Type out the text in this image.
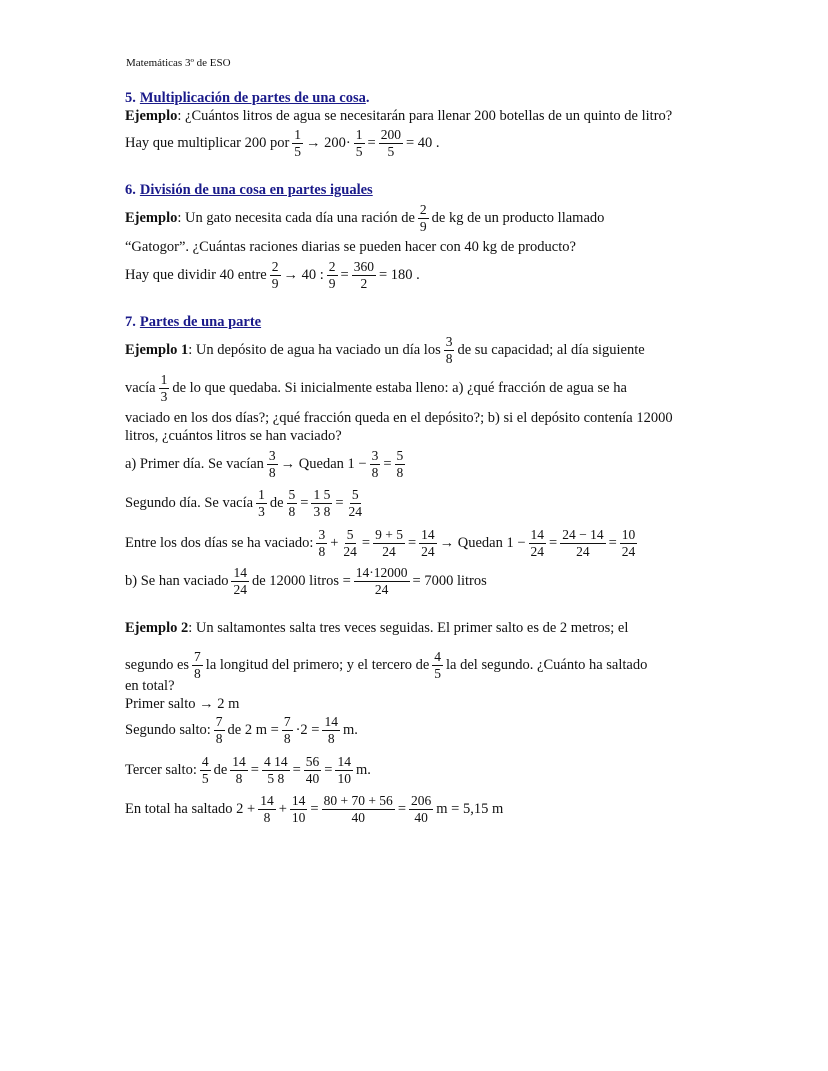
Matemáticas 3º de ESO
5. Multiplicación de partes de una cosa .
Ejemplo : ¿Cuántos litros de agua se necesitarán para llenar 200 botellas de un quinto de litro?
Hay que multiplicar 200 por $\frac{1}{5} \to 200\cdot \frac{1}{5} = \frac{200}{5} = 40$ .
6. División de una cosa en partes iguales
Ejemplo : Un gato necesita cada día una ración de $\frac{2}{9}$ de kg de un producto llamado
“Gatogor”. ¿Cuántas raciones diarias se pueden hacer con 40 kg de producto?
Hay que dividir 40 entre $\frac{2}{9} \to 40$ : $\frac{2}{9} = \frac{360}{2} = 180$ .
7. Partes de una parte
Ejemplo 1 : Un depósito de agua ha vaciado un día los $\frac{3}{8}$ de su capacidad; al día siguiente
vacía $\frac{1}{3}$ de lo que quedaba. Si inicialmente estaba lleno: a) ¿qué fracción de agua se ha
vaciado en los dos días?; ¿qué fracción queda en el depósito?; b) si el depósito contenía 12000
litros, ¿cuántos litros se han vaciado?
a) Primer día. Se vacían $\frac{3}{8}$ → Quedan $1 - \frac{3}{8} = \frac{5}{8}$
Segundo día. Se vacía $\frac{1}{3}$ de $\frac{5}{8} = \frac{1 5}{3 8} = \frac{5}{24}$
Entre los dos días se ha vaciado: $\frac{3}{8} + \frac{5}{24} = \frac{9 + 5}{24} = \frac{14}{24}$ → Quedan $1 - \frac{14}{24} = \frac{24 - 14}{24} = \frac{10}{24}$
b) Se han vaciado $\frac{14}{24}$ de 12000 litros = $\frac{14\cdot 12000}{24} = 7000$ litros
Ejemplo 2 : Un saltamontes salta tres veces seguidas. El primer salto es de 2 metros; el
segundo es $\frac{7}{8}$ la longitud del primero; y el tercero de $\frac{4}{5}$ la del segundo. ¿Cuánto ha saltado
en total?
Primer salto → 2 m
Segundo salto: $\frac{7}{8}$ de 2 $m = \frac{7}{8} \cdot 2 = \frac{14}{8} m$.
Tercer salto: $\frac{4}{5}$ de $\frac{14}{8} = \frac{4 14}{5 8} = \frac{56}{40} = \frac{14}{10} m$.
En total ha saltado $2 + \frac{14}{8} + \frac{14}{10} = \frac{80 + 70 + 56}{40} = \frac{206}{40}$ m = 5,15 m
